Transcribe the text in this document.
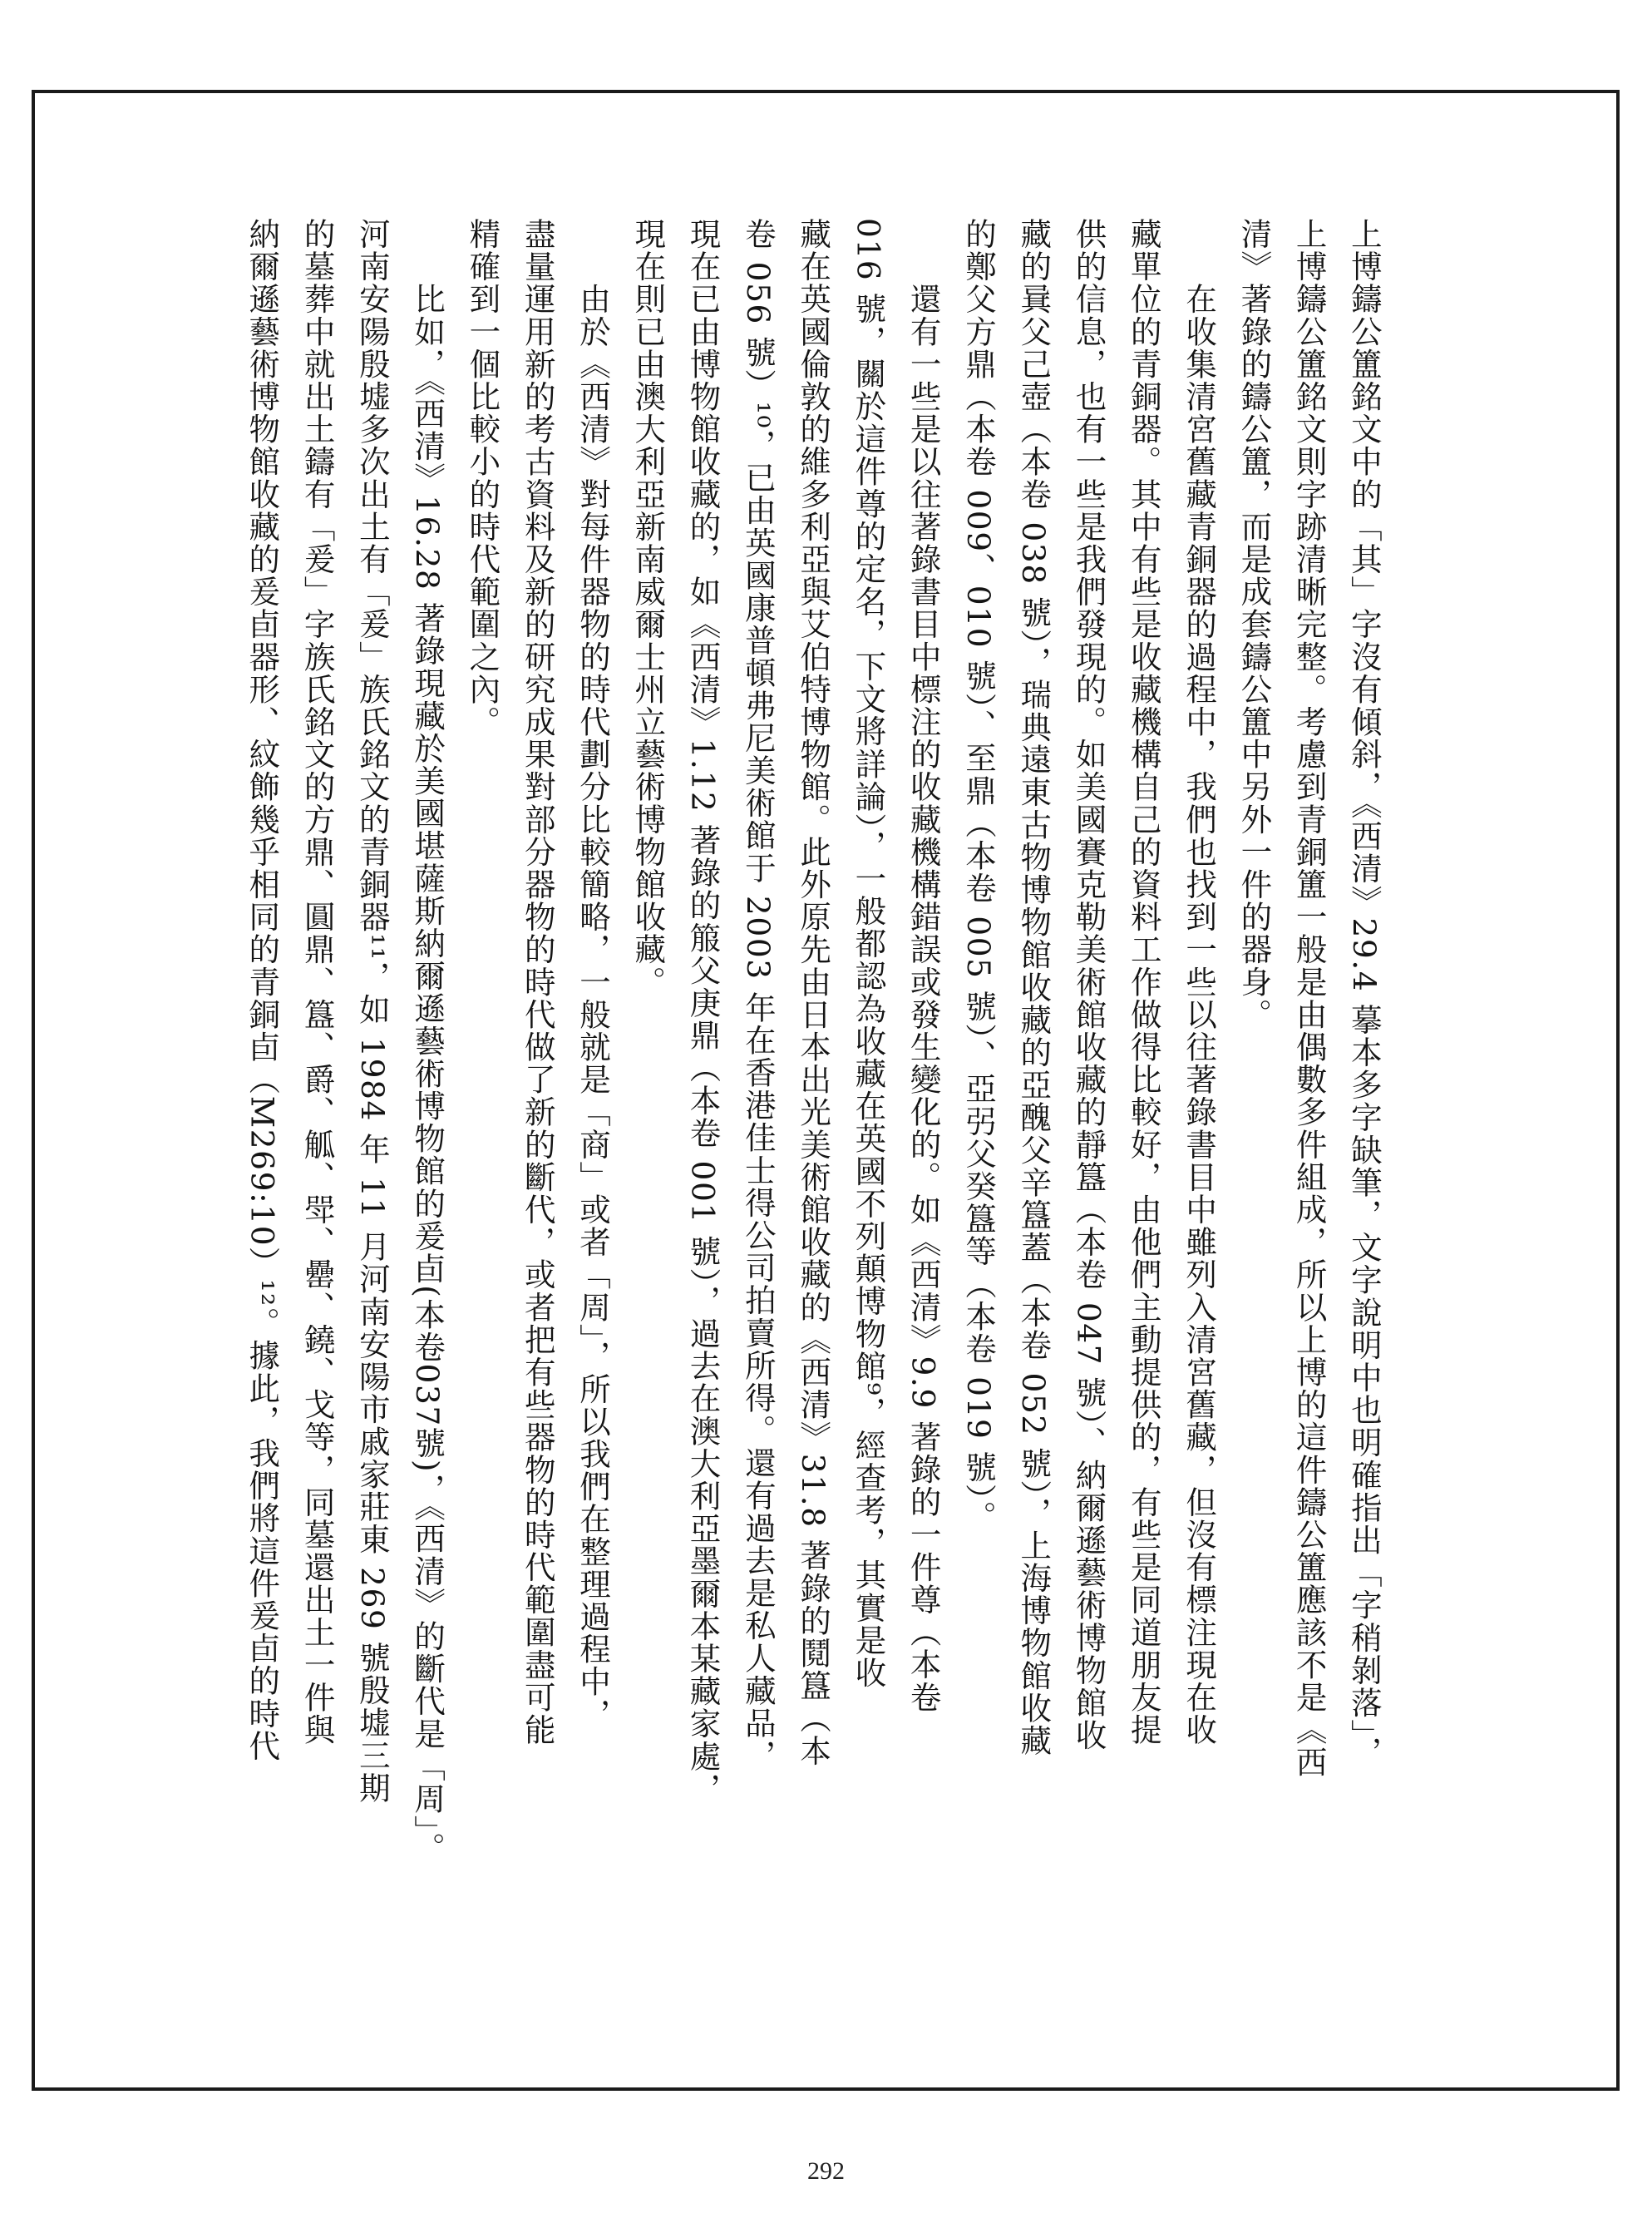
上博鑄公簠銘文中的「其」字沒有傾斜，《西清》29.4 摹本多字缺筆，文字說明中也明確指出「字稍剝落」，
上博鑄公簠銘文則字跡清晰完整。考慮到青銅簠一般是由偶數多件組成，所以上博的這件鑄公簠應該不是《西
清》著錄的鑄公簠，而是成套鑄公簠中另外一件的器身。
　　在收集清宮舊藏青銅器的過程中，我們也找到一些以往著錄書目中雖列入清宮舊藏，但沒有標注現在收
藏單位的青銅器。其中有些是收藏機構自己的資料工作做得比較好，由他們主動提供的，有些是同道朋友提
供的信息，也有一些是我們發現的。如美國賽克勒美術館收藏的靜簋（本卷 047 號）、納爾遜藝術博物館收
藏的㠱父己壺（本卷 038 號），瑞典遠東古物博物館收藏的亞醜父辛簋蓋（本卷 052 號），上海博物館收藏
的鄭父方鼎（本卷 009、010 號）、至鼎（本卷 005 號）、亞弜父癸簋等（本卷 019 號）。
　　還有一些是以往著錄書目中標注的收藏機構錯誤或發生變化的。如《西清》9.9 著錄的一件尊（本卷
016 號，關於這件尊的定名，下文將詳論），一般都認為收藏在英國不列顛博物館⁹，經查考，其實是收
藏在英國倫敦的維多利亞與艾伯特博物館。此外原先由日本出光美術館收藏的《西清》31.8 著錄的鬩簋（本
卷 056 號）¹⁰，已由英國康普頓弗尼美術館于 2003 年在香港佳士得公司拍賣所得。還有過去是私人藏品，
現在已由博物館收藏的，如《西清》1.12 著錄的箙父庚鼎（本卷 001 號），過去在澳大利亞墨爾本某藏家處，
現在則已由澳大利亞新南威爾士州立藝術博物館收藏。
　　由於《西清》對每件器物的時代劃分比較簡略，一般就是「商」或者「周」，所以我們在整理過程中，
盡量運用新的考古資料及新的研究成果對部分器物的時代做了新的斷代，或者把有些器物的時代範圍盡可能
精確到一個比較小的時代範圍之內。
　　比如，《西清》16.28 著錄現藏於美國堪薩斯納爾遜藝術博物館的爰卣(本卷037號)，《西清》的斷代是「周」。
河南安陽殷墟多次出土有「爰」族氏銘文的青銅器¹¹，如 1984 年 11 月河南安陽市戚家莊東 269 號殷墟三期
的墓葬中就出土鑄有「爰」字族氏銘文的方鼎、圓鼎、簋、爵、觚、斝、罍、鐃、戈等，同墓還出土一件與
納爾遜藝術博物館收藏的爰卣器形、紋飾幾乎相同的青銅卣（M269:10）¹²。據此，我們將這件爰卣的時代
292
